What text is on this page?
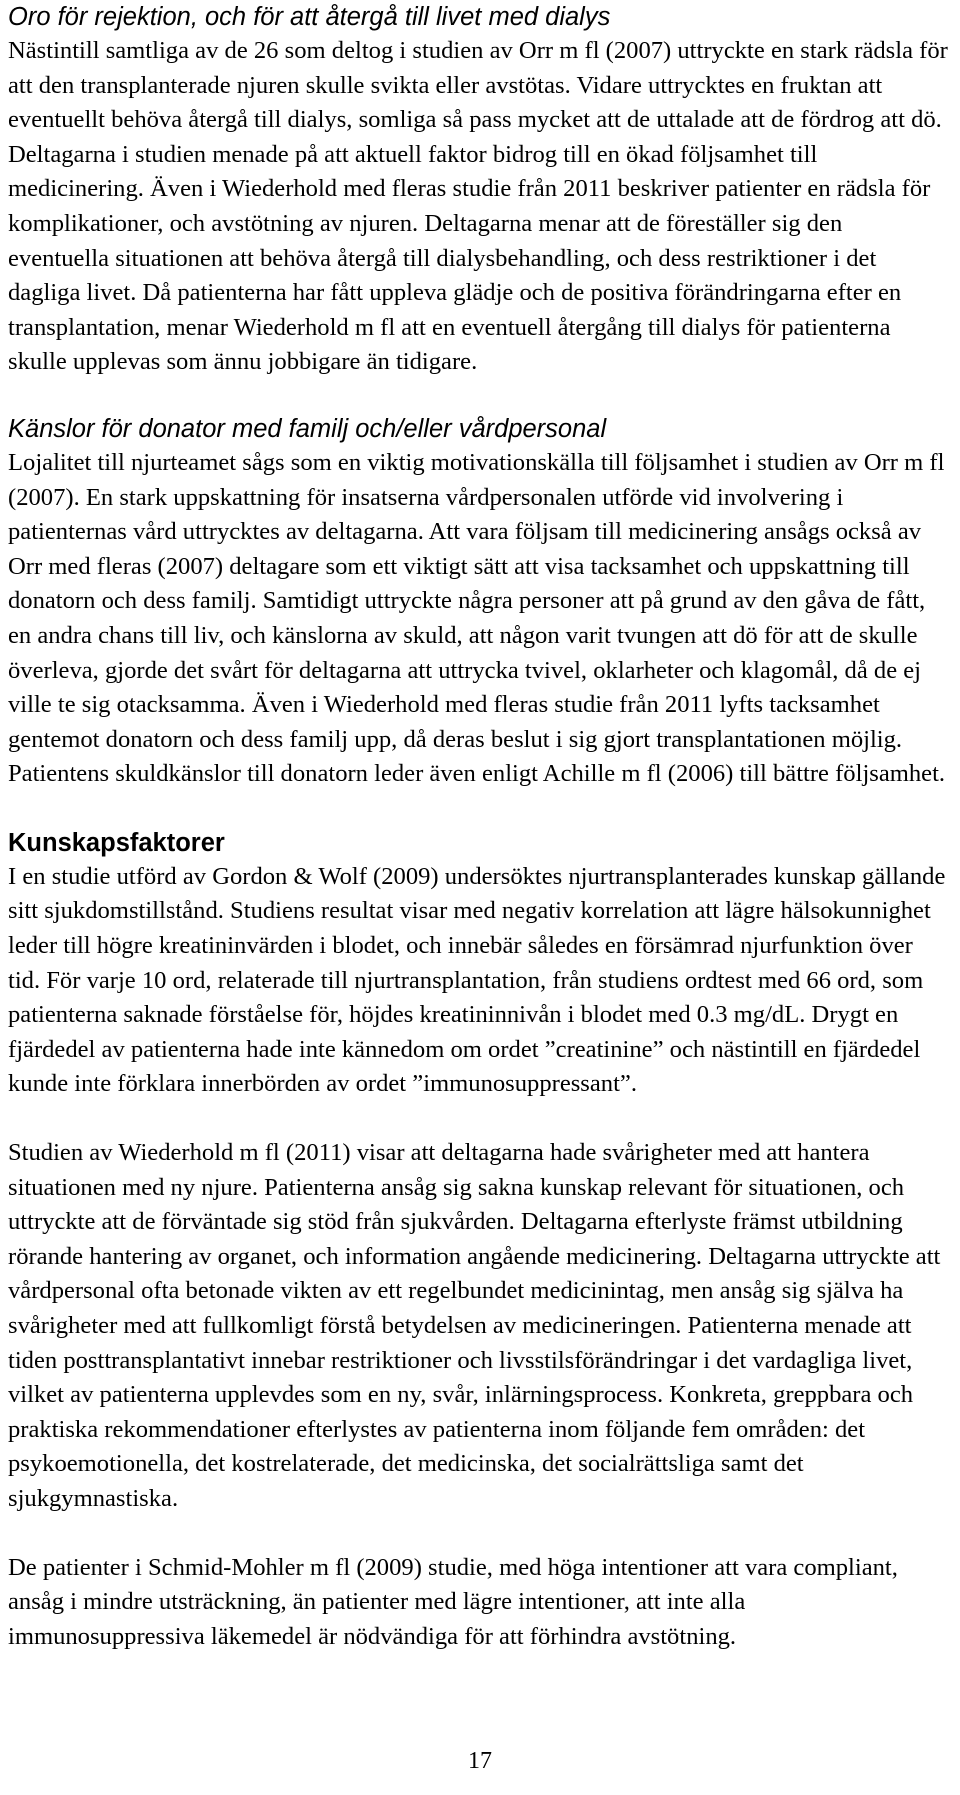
Oro för rejektion, och för att återgå till livet med dialys

Nästintill samtliga av de 26 som deltog i studien av Orr m fl (2007) uttryckte en stark rädsla för att den transplanterade njuren skulle svikta eller avstötas. Vidare uttrycktes en fruktan att eventuellt behöva återgå till dialys, somliga så pass mycket att de uttalade att de fördrog att dö. Deltagarna i studien menade på att aktuell faktor bidrog till en ökad följsamhet till medicinering. Även i Wiederhold med fleras studie från 2011 beskriver patienter en rädsla för komplikationer, och avstötning av njuren. Deltagarna menar att de föreställer sig den eventuella situationen att behöva återgå till dialysbehandling, och dess restriktioner i det dagliga livet. Då patienterna har fått uppleva glädje och de positiva förändringarna efter en transplantation, menar Wiederhold m fl att en eventuell återgång till dialys för patienterna skulle upplevas som ännu jobbigare än tidigare.

Känslor för donator med familj och/eller vårdpersonal

Lojalitet till njurteamet sågs som en viktig motivationskälla till följsamhet i studien av Orr m fl (2007). En stark uppskattning för insatserna vårdpersonalen utförde vid involvering i patienternas vård uttrycktes av deltagarna. Att vara följsam till medicinering ansågs också av Orr med fleras (2007) deltagare som ett viktigt sätt att visa tacksamhet och uppskattning till donatorn och dess familj. Samtidigt uttryckte några personer att på grund av den gåva de fått, en andra chans till liv, och känslorna av skuld, att någon varit tvungen att dö för att de skulle överleva, gjorde det svårt för deltagarna att uttrycka tvivel, oklarheter och klagomål, då de ej ville te sig otacksamma. Även i Wiederhold med fleras studie från 2011 lyfts tacksamhet gentemot donatorn och dess familj upp, då deras beslut i sig gjort transplantationen möjlig. Patientens skuldkänslor till donatorn leder även enligt Achille m fl (2006) till bättre följsamhet.

Kunskapsfaktorer

I en studie utförd av Gordon & Wolf (2009) undersöktes njurtransplanterades kunskap gällande sitt sjukdomstillstånd. Studiens resultat visar med negativ korrelation att lägre hälsokunnighet leder till högre kreatininvärden i blodet, och innebär således en försämrad njurfunktion över tid. För varje 10 ord, relaterade till njurtransplantation, från studiens ordtest med 66 ord, som patienterna saknade förståelse för, höjdes kreatininnivån i blodet med 0.3 mg/dL. Drygt en fjärdedel av patienterna hade inte kännedom om ordet ”creatinine” och nästintill en fjärdedel kunde inte förklara innerbörden av ordet ”immunosuppressant”.

Studien av Wiederhold m fl (2011) visar att deltagarna hade svårigheter med att hantera situationen med ny njure. Patienterna ansåg sig sakna kunskap relevant för situationen, och uttryckte att de förväntade sig stöd från sjukvården. Deltagarna efterlyste främst utbildning rörande hantering av organet, och information angående medicinering. Deltagarna uttryckte att vårdpersonal ofta betonade vikten av ett regelbundet medicinintag, men ansåg sig själva ha svårigheter med att fullkomligt förstå betydelsen av medicineringen. Patienterna menade att tiden posttransplantativt innebar restriktioner och livsstilsförändringar i det vardagliga livet, vilket av patienterna upplevdes som en ny, svår, inlärningsprocess. Konkreta, greppbara och praktiska rekommendationer efterlystes av patienterna inom följande fem områden: det psykoemotionella, det kostrelaterade, det medicinska, det socialrättsliga samt det sjukgymnastiska.

De patienter i Schmid-Mohler m fl (2009) studie, med höga intentioner att vara compliant, ansåg i mindre utsträckning, än patienter med lägre intentioner, att inte alla immunosuppressiva läkemedel är nödvändiga för att förhindra avstötning.

17
